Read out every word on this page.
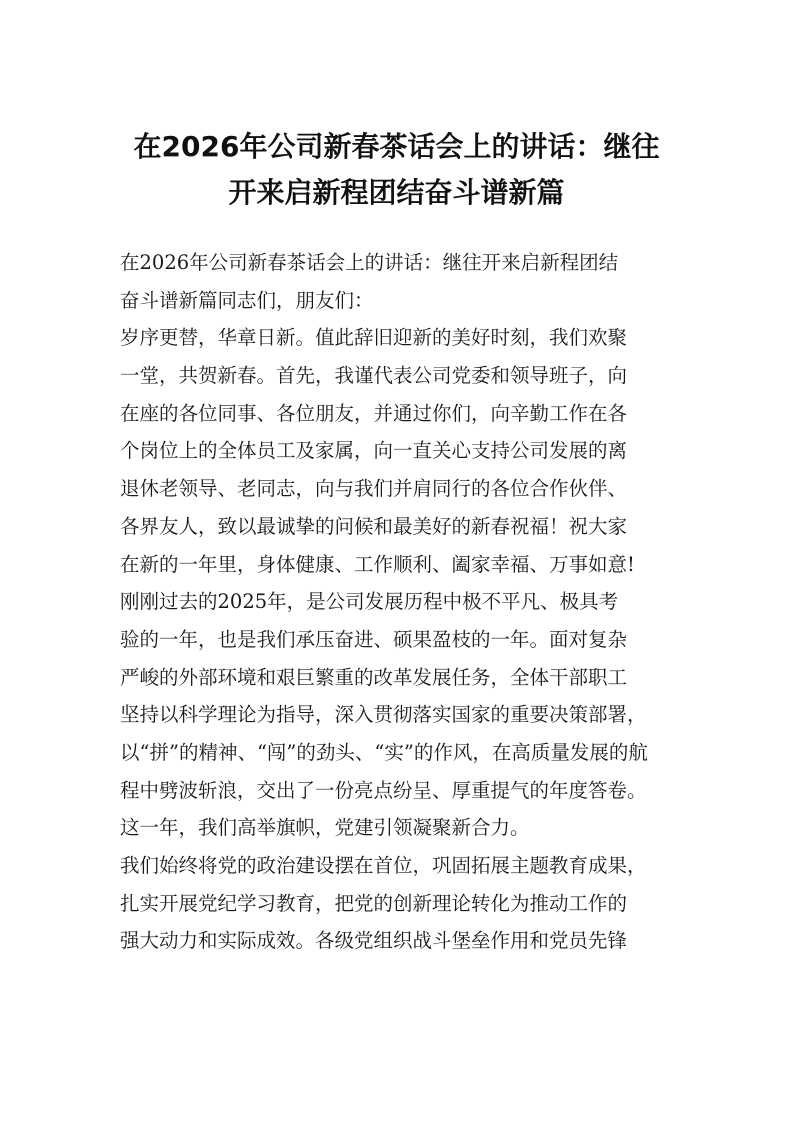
在2026年公司新春茶话会上的讲话：继往
开来启新程团结奋斗谱新篇
在2026年公司新春茶话会上的讲话：继往开来启新程团结
奋斗谱新篇同志们，朋友们：
岁序更替，华章日新。值此辞旧迎新的美好时刻，我们欢聚
一堂，共贺新春。首先，我谨代表公司党委和领导班子，向
在座的各位同事、各位朋友，并通过你们，向辛勤工作在各
个岗位上的全体员工及家属，向一直关心支持公司发展的离
退休老领导、老同志，向与我们并肩同行的各位合作伙伴、
各界友人，致以最诚挚的问候和最美好的新春祝福！祝大家
在新的一年里，身体健康、工作顺利、阖家幸福、万事如意!
刚刚过去的2025年，是公司发展历程中极不平凡、极具考
验的一年，也是我们承压奋进、硕果盈枝的一年。面对复杂
严峻的外部环境和艰巨繁重的改革发展任务，全体干部职工
坚持以科学理论为指导，深入贯彻落实国家的重要决策部署，
以“拼”的精神、“闯”的劲头、“实”的作风，在高质量发展的航
程中劈波斩浪，交出了一份亮点纷呈、厚重提气的年度答卷。
这一年，我们高举旗帜，党建引领凝聚新合力。
我们始终将党的政治建设摆在首位，巩固拓展主题教育成果，
扎实开展党纪学习教育，把党的创新理论转化为推动工作的
强大动力和实际成效。各级党组织战斗堡垒作用和党员先锋
